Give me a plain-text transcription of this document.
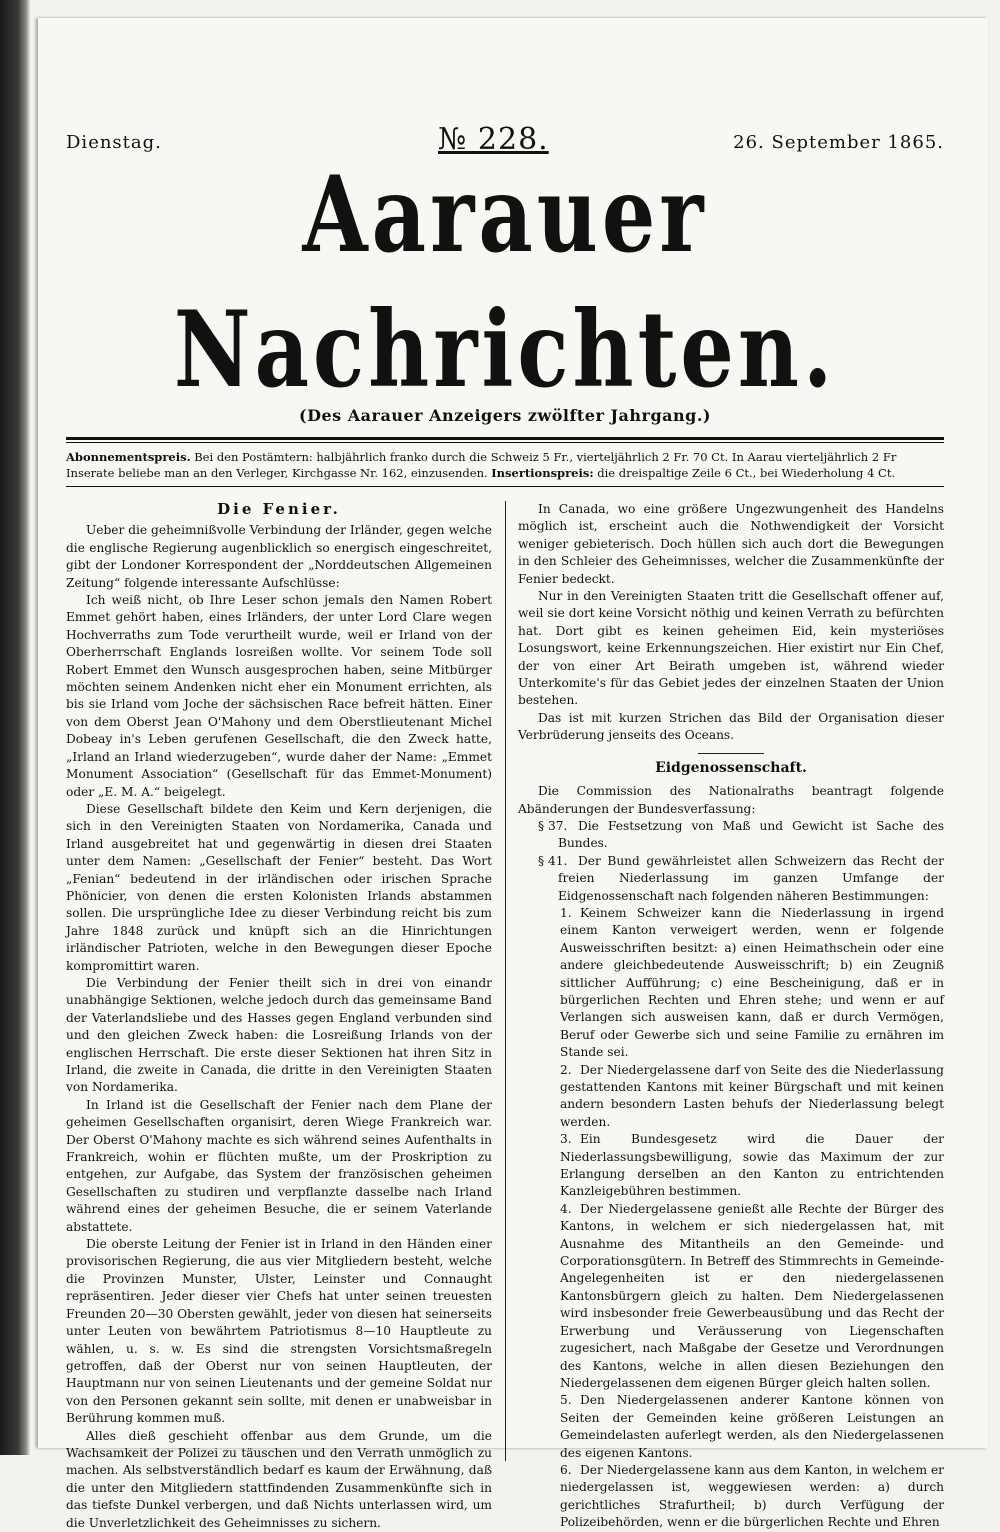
Dienstag.	№ 228.	26. September 1865.
Aarauer Nachrichten.
(Des Aarauer Anzeigers zwölfter Jahrgang.)
Abonnementspreis. Bei den Postämtern: halbjährlich franko durch die Schweiz 5 Fr., vierteljährlich 2 Fr. 70 Ct. In Aarau vierteljährlich 2 Fr
Inserate beliebe man an den Verleger, Kirchgasse Nr. 162, einzusenden. Insertionspreis: die dreispaltige Zeile 6 Ct., bei Wiederholung 4 Ct.
Die Fenier.

Ueber die geheimnißvolle Verbindung der Irländer, gegen welche die englische Regierung augenblicklich so energisch eingeschreitet, gibt der Londoner Korrespondent der „Norddeutschen Allgemeinen Zeitung“ folgende interessante Aufschlüsse:

Ich weiß nicht, ob Ihre Leser schon jemals den Namen Robert Emmet gehört haben, eines Irländers, der unter Lord Clare wegen Hochverraths zum Tode verurtheilt wurde, weil er Irland von der Oberherrschaft Englands losreißen wollte. Vor seinem Tode soll Robert Emmet den Wunsch ausgesprochen haben, seine Mitbürger möchten seinem Andenken nicht eher ein Monument errichten, als bis sie Irland vom Joche der sächsischen Race befreit hätten. Einer von dem Oberst Jean O'Mahony und dem Oberstlieutenant Michel Dobeay in's Leben gerufenen Gesellschaft, die den Zweck hatte, „Irland an Irland wiederzugeben“, wurde daher der Name: „Emmet Monument Association“ (Gesellschaft für das Emmet-Monument) oder „E. M. A.“ beigelegt.

Diese Gesellschaft bildete den Keim und Kern derjenigen, die sich in den Vereinigten Staaten von Nordamerika, Canada und Irland ausgebreitet hat und gegenwärtig in diesen drei Staaten unter dem Namen: „Gesellschaft der Fenier“ besteht. Das Wort „Fenian“ bedeutend in der irländischen oder irischen Sprache Phönicier, von denen die ersten Kolonisten Irlands abstammen sollen. Die ursprüngliche Idee zu dieser Verbindung reicht bis zum Jahre 1848 zurück und knüpft sich an die Hinrichtungen irländischer Patrioten, welche in den Bewegungen dieser Epoche kompromittirt waren.

Die Verbindung der Fenier theilt sich in drei von einandr unabhängige Sektionen, welche jedoch durch das gemeinsame Band der Vaterlandsliebe und des Hasses gegen England verbunden sind und den gleichen Zweck haben: die Losreißung Irlands von der englischen Herrschaft. Die erste dieser Sektionen hat ihren Sitz in Irland, die zweite in Canada, die dritte in den Vereinigten Staaten von Nordamerika.

In Irland ist die Gesellschaft der Fenier nach dem Plane der geheimen Gesellschaften organisirt, deren Wiege Frankreich war. Der Oberst O'Mahony machte es sich während seines Aufenthalts in Frankreich, wohin er flüchten mußte, um der Proskription zu entgehen, zur Aufgabe, das System der französischen geheimen Gesellschaften zu studiren und verpflanzte dasselbe nach Irland während eines der geheimen Besuche, die er seinem Vaterlande abstattete.

Die oberste Leitung der Fenier ist in Irland in den Händen einer provisorischen Regierung, die aus vier Mitgliedern besteht, welche die Provinzen Munster, Ulster, Leinster und Connaught repräsentiren. Jeder dieser vier Chefs hat unter seinen treuesten Freunden 20—30 Obersten gewählt, jeder von diesen hat seinerseits unter Leuten von bewährtem Patriotismus 8—10 Hauptleute zu wählen, u. s. w. Es sind die strengsten Vorsichtsmaßregeln getroffen, daß der Oberst nur von seinen Hauptleuten, der Hauptmann nur von seinen Lieutenants und der gemeine Soldat nur von den Personen gekannt sein sollte, mit denen er unabweisbar in Berührung kommen muß.

Alles dieß geschieht offenbar aus dem Grunde, um die Wachsamkeit der Polizei zu täuschen und den Verrath unmöglich zu machen. Als selbstverständlich bedarf es kaum der Erwähnung, daß die unter den Mitgliedern stattfindenden Zusammenkünfte sich in das tiefste Dunkel verbergen, und daß Nichts unterlassen wird, um die Unverletzlichkeit des Geheimnisses zu sichern.

In Canada, wo eine größere Ungezwungenheit des Handelns möglich ist, erscheint auch die Nothwendigkeit der Vorsicht weniger gebieterisch. Doch hüllen sich auch dort die Bewegungen in den Schleier des Geheimnisses, welcher die Zusammenkünfte der Fenier bedeckt.

Nur in den Vereinigten Staaten tritt die Gesellschaft offener auf, weil sie dort keine Vorsicht nöthig und keinen Verrath zu befürchten hat. Dort gibt es keinen geheimen Eid, kein mysteriöses Losungswort, keine Erkennungszeichen. Hier existirt nur Ein Chef, der von einer Art Beirath umgeben ist, während wieder Unterkomite's für das Gebiet jedes der einzelnen Staaten der Union bestehen.

Das ist mit kurzen Strichen das Bild der Organisation dieser Verbrüderung jenseits des Oceans.

Eidgenossenschaft.

Die Commission des Nationalraths beantragt folgende Abänderungen der Bundesverfassung:

§ 37. Die Festsetzung von Maß und Gewicht ist Sache des Bundes.

§ 41. Der Bund gewährleistet allen Schweizern das Recht der freien Niederlassung im ganzen Umfange der Eidgenossenschaft nach folgenden näheren Bestimmungen:

1. Keinem Schweizer kann die Niederlassung in irgend einem Kanton verweigert werden, wenn er folgende Ausweisschriften besitzt: a) einen Heimathschein oder eine andere gleichbedeutende Ausweisschrift; b) ein Zeugniß sittlicher Aufführung; c) eine Bescheinigung, daß er in bürgerlichen Rechten und Ehren stehe; und wenn er auf Verlangen sich ausweisen kann, daß er durch Vermögen, Beruf oder Gewerbe sich und seine Familie zu ernähren im Stande sei.

2. Der Niedergelassene darf von Seite des die Niederlassung gestattenden Kantons mit keiner Bürgschaft und mit keinen andern besondern Lasten behufs der Niederlassung belegt werden.

3. Ein Bundesgesetz wird die Dauer der Niederlassungsbewilligung, sowie das Maximum der zur Erlangung derselben an den Kanton zu entrichtenden Kanzleigebühren bestimmen.

4. Der Niedergelassene genießt alle Rechte der Bürger des Kantons, in welchem er sich niedergelassen hat, mit Ausnahme des Mitantheils an den Gemeinde- und Corporationsgütern. In Betreff des Stimmrechts in Gemeinde-Angelegenheiten ist er den niedergelassenen Kantonsbürgern gleich zu halten. Dem Niedergelassenen wird insbesonder freie Gewerbeausübung und das Recht der Erwerbung und Veräusserung von Liegenschaften zugesichert, nach Maßgabe der Gesetze und Verordnungen des Kantons, welche in allen diesen Beziehungen den Niedergelassenen dem eigenen Bürger gleich halten sollen.

5. Den Niedergelassenen anderer Kantone können von Seiten der Gemeinden keine größeren Leistungen an Gemeindelasten auferlegt werden, als den Niedergelassenen des eigenen Kantons.

6. Der Niedergelassene kann aus dem Kanton, in welchem er niedergelassen ist, weggewiesen werden: a) durch gerichtliches Strafurtheil; b) durch Verfügung der Polizeibehörden, wenn er die bürgerlichen Rechte und Ehren
